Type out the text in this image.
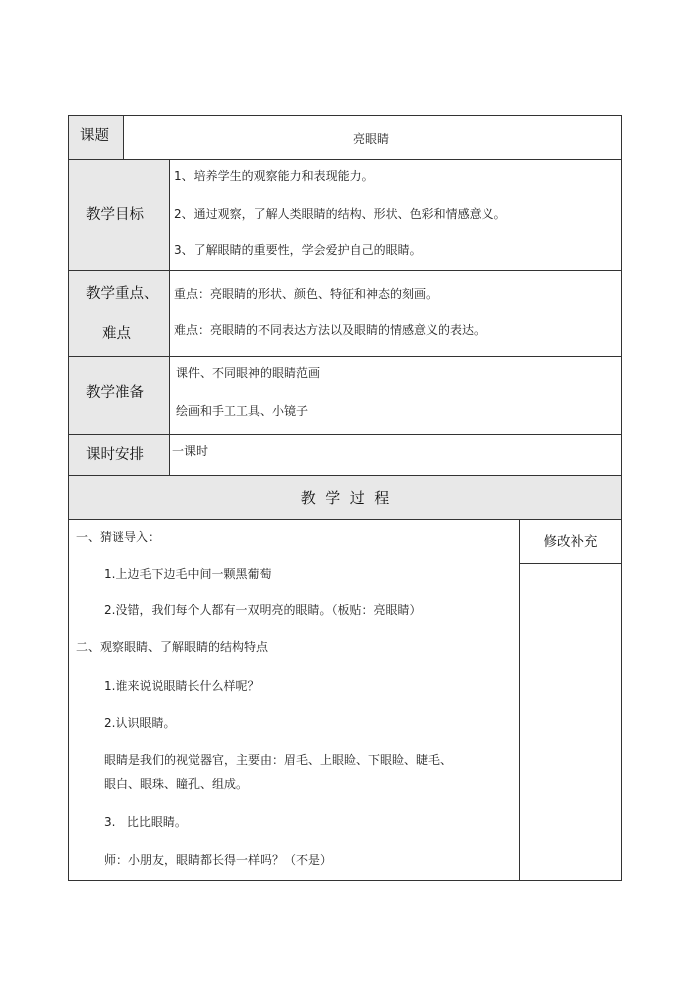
课题	亮眼睛
教学目标
1、培养学生的观察能力和表现能力。
2、通过观察，了解人类眼睛的结构、形状、色彩和情感意义。
3、了解眼睛的重要性，学会爱护自己的眼睛。
教学重点、
难点
重点：亮眼睛的形状、颜色、特征和神态的刻画。
难点：亮眼睛的不同表达方法以及眼睛的情感意义的表达。
教学准备
课件、不同眼神的眼睛范画
绘画和手工工具、小镜子
课时安排 一课时
教  学  过  程
修改补充
一、猜谜导入：
1.上边毛下边毛中间一颗黑葡萄
2.没错，我们每个人都有一双明亮的眼睛。（板贴：亮眼睛）
二、观察眼睛、了解眼睛的结构特点
1.谁来说说眼睛长什么样呢？
2.认识眼睛。
眼睛是我们的视觉器官，主要由：眉毛、上眼睑、下眼睑、睫毛、
眼白、眼珠、瞳孔、组成。
3.   比比眼睛。
师：小朋友，眼睛都长得一样吗？（不是）
